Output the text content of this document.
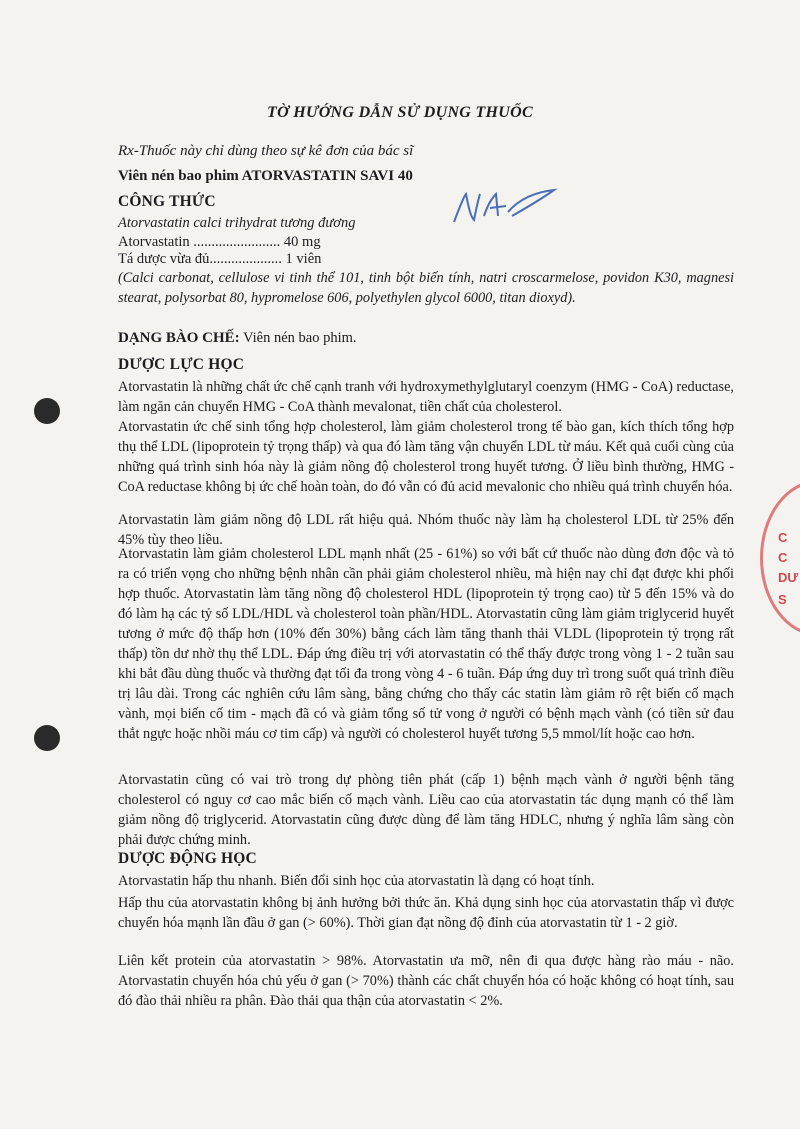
TỜ HƯỚNG DẪN SỬ DỤNG THUỐC
Rx-Thuốc này chỉ dùng theo sự kê đơn của bác sĩ
Viên nén bao phim ATORVASTATIN SAVI 40
CÔNG THỨC
Atorvastatin calci trihydrat tương đương
Atorvastatin ........................ 40 mg
Tá dược vừa đủ.................... 1 viên
(Calci carbonat, cellulose vi tinh thể 101, tinh bột biến tính, natri croscarmelose, povidon K30, magnesi stearat, polysorbat 80, hypromelose 606, polyethylen glycol 6000, titan dioxyd).
DẠNG BÀO CHẾ: Viên nén bao phim.
DƯỢC LỰC HỌC
Atorvastatin là những chất ức chế cạnh tranh với hydroxymethylglutaryl coenzym (HMG - CoA) reductase, làm ngăn cản chuyển HMG - CoA thành mevalonat, tiền chất của cholesterol.
Atorvastatin ức chế sinh tổng hợp cholesterol, làm giảm cholesterol trong tế bào gan, kích thích tổng hợp thụ thể LDL (lipoprotein tỷ trọng thấp) và qua đó làm tăng vận chuyển LDL từ máu. Kết quả cuối cùng của những quá trình sinh hóa này là giảm nồng độ cholesterol trong huyết tương. Ở liều bình thường, HMG - CoA reductase không bị ức chế hoàn toàn, do đó vẫn có đủ acid mevalonic cho nhiều quá trình chuyển hóa.
Atorvastatin làm giảm nồng độ LDL rất hiệu quả. Nhóm thuốc này làm hạ cholesterol LDL từ 25% đến 45% tùy theo liều.
Atorvastatin làm giảm cholesterol LDL mạnh nhất (25 - 61%) so với bất cứ thuốc nào dùng đơn độc và tỏ ra có triển vọng cho những bệnh nhân cần phải giảm cholesterol nhiều, mà hiện nay chỉ đạt được khi phối hợp thuốc. Atorvastatin làm tăng nồng độ cholesterol HDL (lipoprotein tỷ trọng cao) từ 5 đến 15% và do đó làm hạ các tỷ số LDL/HDL và cholesterol toàn phần/HDL. Atorvastatin cũng làm giảm triglycerid huyết tương ở mức độ thấp hơn (10% đến 30%) bằng cách làm tăng thanh thải VLDL (lipoprotein tỷ trọng rất thấp) tồn dư nhờ thụ thể LDL. Đáp ứng điều trị với atorvastatin có thể thấy được trong vòng 1 - 2 tuần sau khi bắt đầu dùng thuốc và thường đạt tối đa trong vòng 4 - 6 tuần. Đáp ứng duy trì trong suốt quá trình điều trị lâu dài. Trong các nghiên cứu lâm sàng, bằng chứng cho thấy các statin làm giảm rõ rệt biến cố mạch vành, mọi biến cố tim - mạch đã có và giảm tổng số tử vong ở người có bệnh mạch vành (có tiền sử đau thắt ngực hoặc nhồi máu cơ tim cấp) và người có cholesterol huyết tương 5,5 mmol/lít hoặc cao hơn.
Atorvastatin cũng có vai trò trong dự phòng tiên phát (cấp 1) bệnh mạch vành ở người bệnh tăng cholesterol có nguy cơ cao mắc biến cố mạch vành. Liều cao của atorvastatin tác dụng mạnh có thể làm giảm nồng độ triglycerid. Atorvastatin cũng được dùng để làm tăng HDLC, nhưng ý nghĩa lâm sàng còn phải được chứng minh.
DƯỢC ĐỘNG HỌC
Atorvastatin hấp thu nhanh. Biến đổi sinh học của atorvastatin là dạng có hoạt tính.
Hấp thu của atorvastatin không bị ảnh hưởng bởi thức ăn. Khả dụng sinh học của atorvastatin thấp vì được chuyển hóa mạnh lần đầu ở gan (> 60%). Thời gian đạt nồng độ đỉnh của atorvastatin từ 1 - 2 giờ.
Liên kết protein của atorvastatin > 98%. Atorvastatin ưa mỡ, nên đi qua được hàng rào máu - não. Atorvastatin chuyển hóa chủ yếu ở gan (> 70%) thành các chất chuyển hóa có hoặc không có hoạt tính, sau đó đào thải nhiều ra phân. Đào thải qua thận của atorvastatin < 2%.
C
C
DƯ
S
